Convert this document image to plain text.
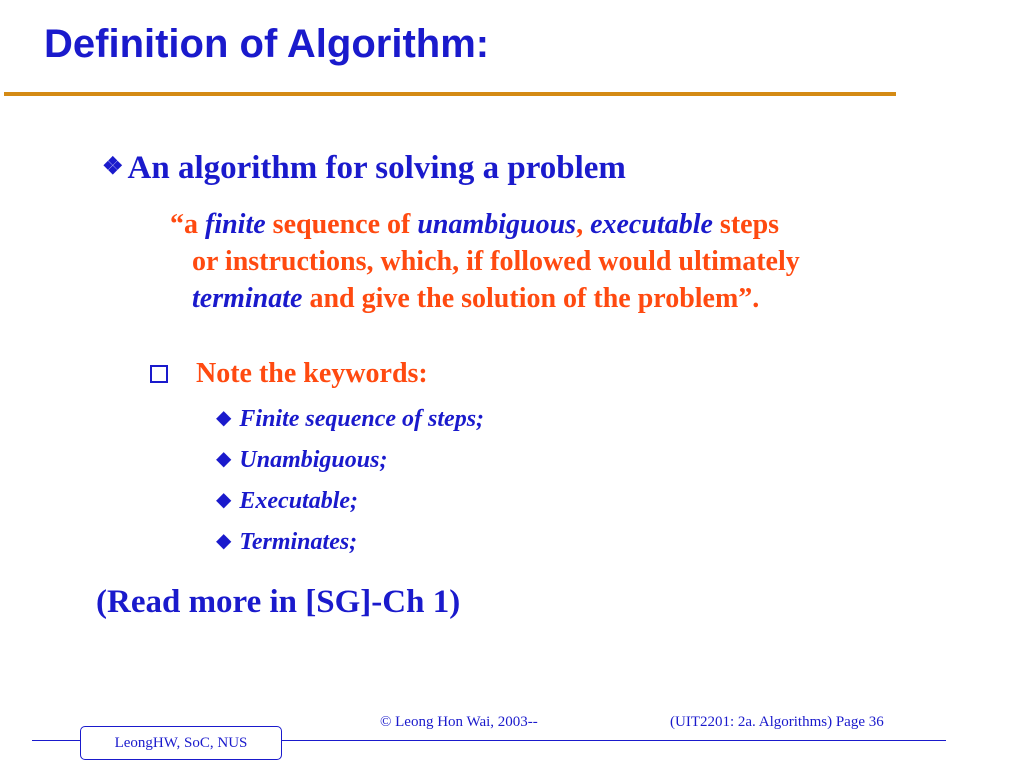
Definition of Algorithm:
❖ An algorithm for solving a problem
“a finite sequence of unambiguous, executable steps
or instructions, which, if followed would ultimately
terminate and give the solution of the problem”.
Note the keywords:
◆ Finite sequence of steps;
◆ Unambiguous;
◆ Executable;
◆ Terminates;
(Read more in [SG]-Ch 1)
LeongHW, SoC, NUS
© Leong Hon Wai, 2003--	(UIT2201: 2a. Algorithms) Page 36
